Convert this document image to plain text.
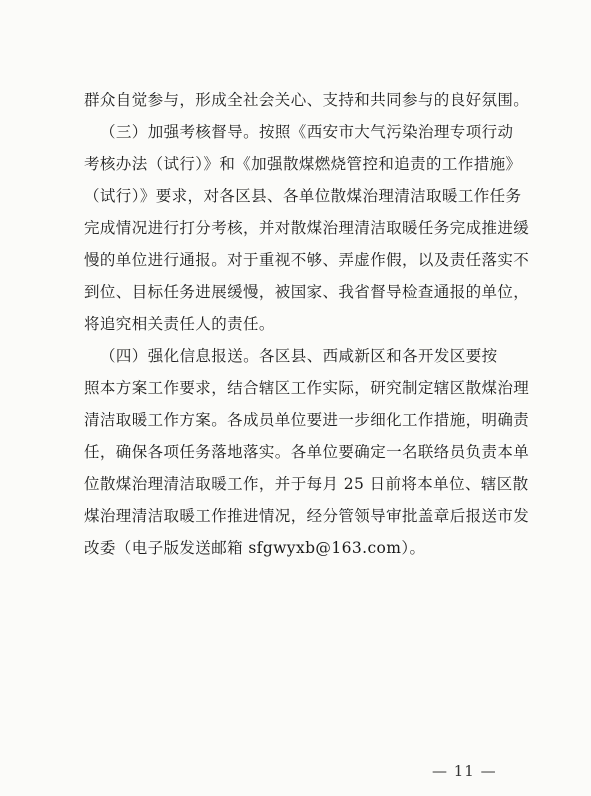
群众自觉参与，形成全社会关心、支持和共同参与的良好氛围。
（三）加强考核督导。按照《西安市大气污染治理专项行动
考核办法（试行）》和《加强散煤燃烧管控和追责的工作措施》
（试行）》要求，对各区县、各单位散煤治理清洁取暖工作任务
完成情况进行打分考核，并对散煤治理清洁取暖任务完成推进缓
慢的单位进行通报。对于重视不够、弄虚作假，以及责任落实不
到位、目标任务进展缓慢，被国家、我省督导检查通报的单位，
将追究相关责任人的责任。
（四）强化信息报送。各区县、西咸新区和各开发区要按
照本方案工作要求，结合辖区工作实际，研究制定辖区散煤治理
清洁取暖工作方案。各成员单位要进一步细化工作措施，明确责
任，确保各项任务落地落实。各单位要确定一名联络员负责本单
位散煤治理清洁取暖工作，并于每月 25 日前将本单位、辖区散
煤治理清洁取暖工作推进情况，经分管领导审批盖章后报送市发
改委（电子版发送邮箱 sfgwyxb@163.com）。
— 11 —
